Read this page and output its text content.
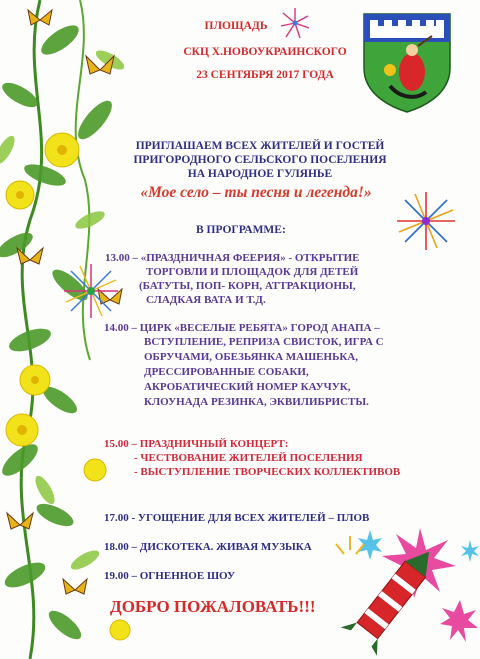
ПЛОЩАДЬ
СКЦ Х.НОВОУКРАИНСКОГО
23 СЕНТЯБРЯ 2017 ГОДА
ПРИГЛАШАЕМ ВСЕХ ЖИТЕЛЕЙ И ГОСТЕЙ
ПРИГОРОДНОГО СЕЛЬСКОГО ПОСЕЛЕНИЯ
НА НАРОДНОЕ ГУЛЯНЬЕ
«Мое село – ты песня и легенда!»
В ПРОГРАММЕ:
13.00 – «ПРАЗДНИЧНАЯ ФЕЕРИЯ» - ОТКРЫТИЕ
ТОРГОВЛИ И ПЛОЩАДОК ДЛЯ ДЕТЕЙ
(БАТУТЫ, ПОП- КОРН, АТТРАКЦИОНЫ,
СЛАДКАЯ ВАТА И Т.Д.
14.00 – ЦИРК «ВЕСЕЛЫЕ РЕБЯТА» ГОРОД АНАПА –
ВСТУПЛЕНИЕ, РЕПРИЗА СВИСТОК, ИГРА С
ОБРУЧАМИ, ОБЕЗЬЯНКА МАШЕНЬКА,
ДРЕССИРОВАННЫЕ СОБАКИ,
АКРОБАТИЧЕСКИЙ НОМЕР КАУЧУК,
КЛОУНАДА РЕЗИНКА, ЭКВИЛИБРИСТЫ.
15.00 – ПРАЗДНИЧНЫЙ КОНЦЕРТ:
- ЧЕСТВОВАНИЕ ЖИТЕЛЕЙ ПОСЕЛЕНИЯ
- ВЫСТУПЛЕНИЕ ТВОРЧЕСКИХ КОЛЛЕКТИВОВ
17.00 - УГОЩЕНИЕ ДЛЯ ВСЕХ ЖИТЕЛЕЙ – ПЛОВ
18.00 – ДИСКОТЕКА. ЖИВАЯ МУЗЫКА
19.00 – ОГНЕННОЕ ШОУ
ДОБРО ПОЖАЛОВАТЬ!!!
